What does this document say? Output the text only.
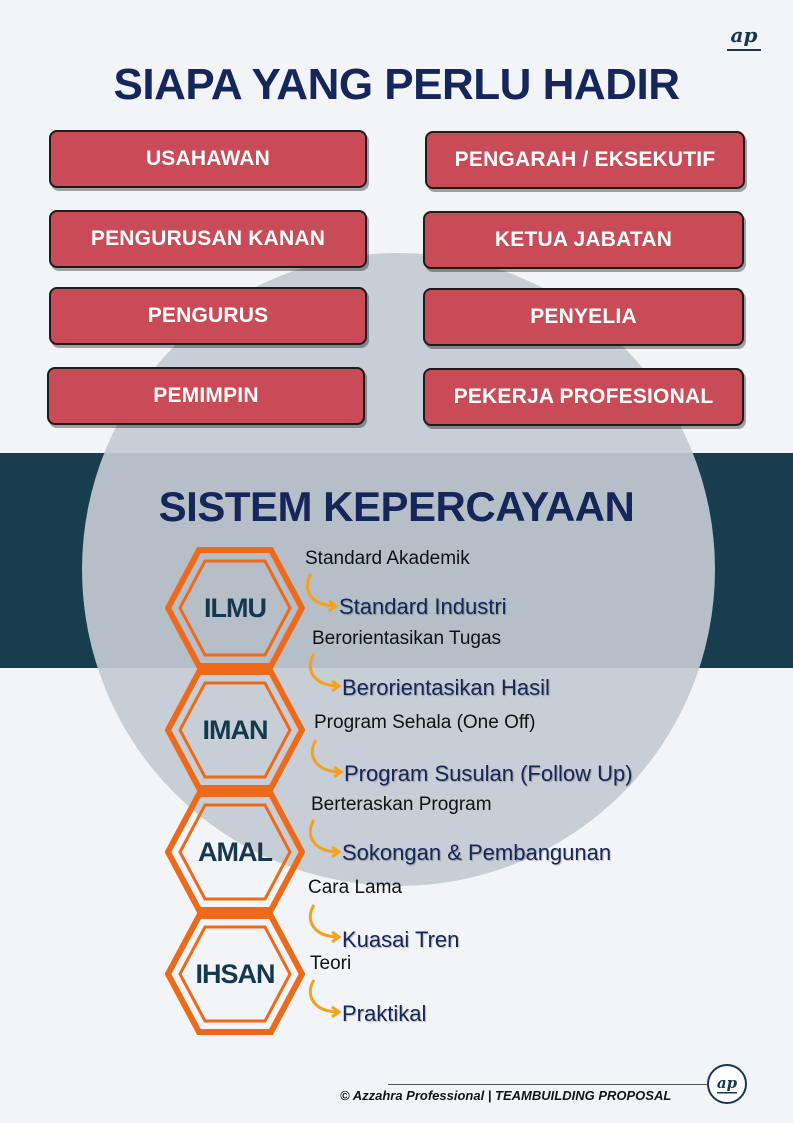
ap
SIAPA YANG PERLU HADIR
USAHAWAN
PENGURUSAN KANAN
PENGURUS
PEMIMPIN
PENGARAH / EKSEKUTIF
KETUA JABATAN
PENYELIA
PEKERJA PROFESIONAL
SISTEM KEPERCAYAAN
ILMU
IMAN
AMAL
IHSAN
Standard Akademik
Standard Industri
Berorientasikan Tugas
Berorientasikan Hasil
Program Sehala (One Off)
Program Susulan (Follow Up)
Berteraskan Program
Sokongan & Pembangunan
Cara Lama
Kuasai Tren
Teori
Praktikal
© Azzahra Professional | TEAMBUILDING PROPOSAL
ap
